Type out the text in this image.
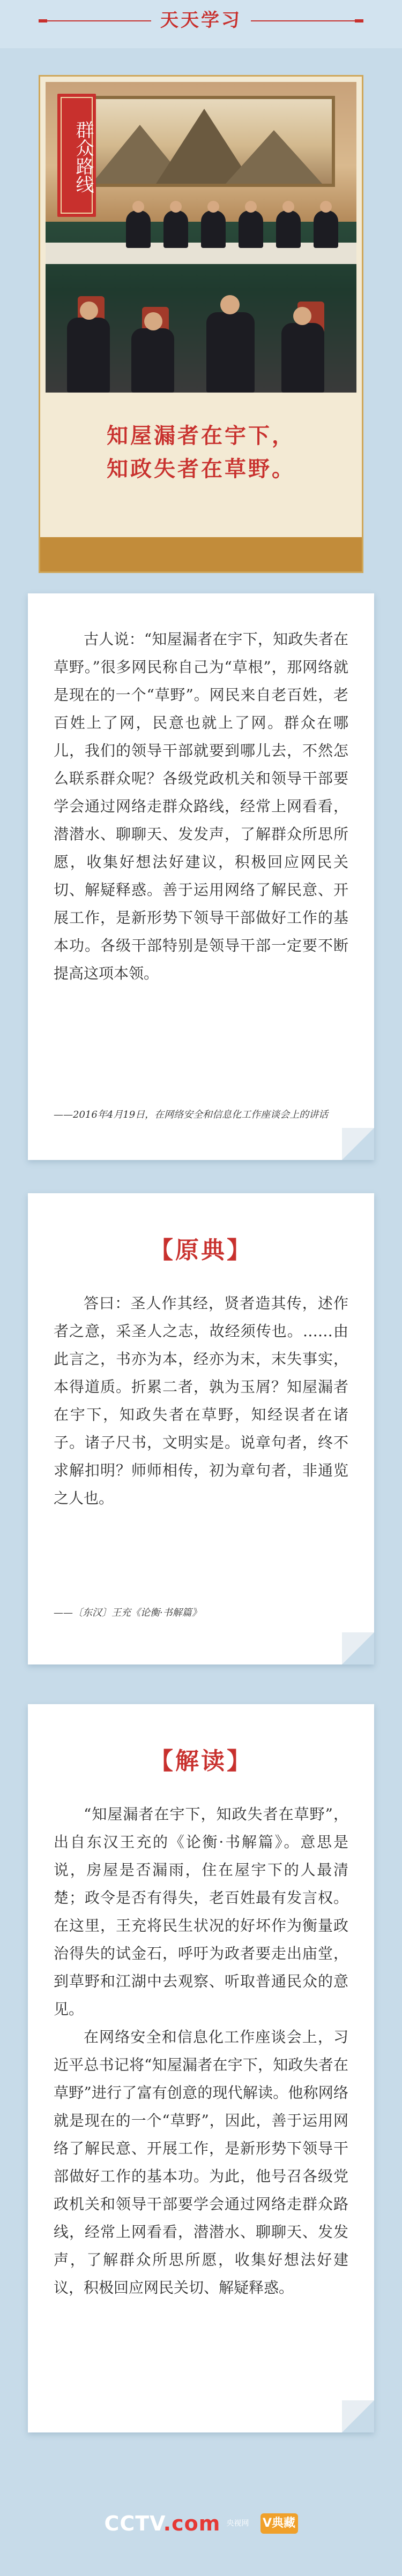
天天学习
群众路线
知屋漏者在宇下，
知政失者在草野。

古人说：“知屋漏者在宇下，知政失者在草野。”很多网民称自己为“草根”，那网络就是现在的一个“草野”。网民来自老百姓，老百姓上了网，民意也就上了网。群众在哪儿，我们的领导干部就要到哪儿去，不然怎么联系群众呢？各级党政机关和领导干部要学会通过网络走群众路线，经常上网看看，潜潜水、聊聊天、发发声，了解群众所思所愿，收集好想法好建议，积极回应网民关切、解疑释惑。善于运用网络了解民意、开展工作，是新形势下领导干部做好工作的基本功。各级干部特别是领导干部一定要不断提高这项本领。

——2016年4月19日，在网络安全和信息化工作座谈会上的讲话
【原典】

答曰：圣人作其经，贤者造其传，述作者之意，采圣人之志，故经须传也。……由此言之，书亦为本，经亦为末，末失事实，本得道质。折累二者，孰为玉屑？知屋漏者在宇下，知政失者在草野，知经误者在诸子。诸子尺书，文明实是。说章句者，终不求解扣明？师师相传，初为章句者，非通览之人也。

——〔东汉〕王充《论衡·书解篇》
【解读】

“知屋漏者在宇下，知政失者在草野”，出自东汉王充的《论衡·书解篇》。意思是说，房屋是否漏雨，住在屋宇下的人最清楚；政令是否有得失，老百姓最有发言权。在这里，王充将民生状况的好坏作为衡量政治得失的试金石，呼吁为政者要走出庙堂，到草野和江湖中去观察、听取普通民众的意见。

在网络安全和信息化工作座谈会上，习近平总书记将“知屋漏者在宇下，知政失者在草野”进行了富有创意的现代解读。他称网络就是现在的一个“草野”，因此，善于运用网络了解民意、开展工作，是新形势下领导干部做好工作的基本功。为此，他号召各级党政机关和领导干部要学会通过网络走群众路线，经常上网看看，潜潜水、聊聊天、发发声，了解群众所思所愿，收集好想法好建议，积极回应网民关切、解疑释惑。

CCTV.com 央视网 V典藏
